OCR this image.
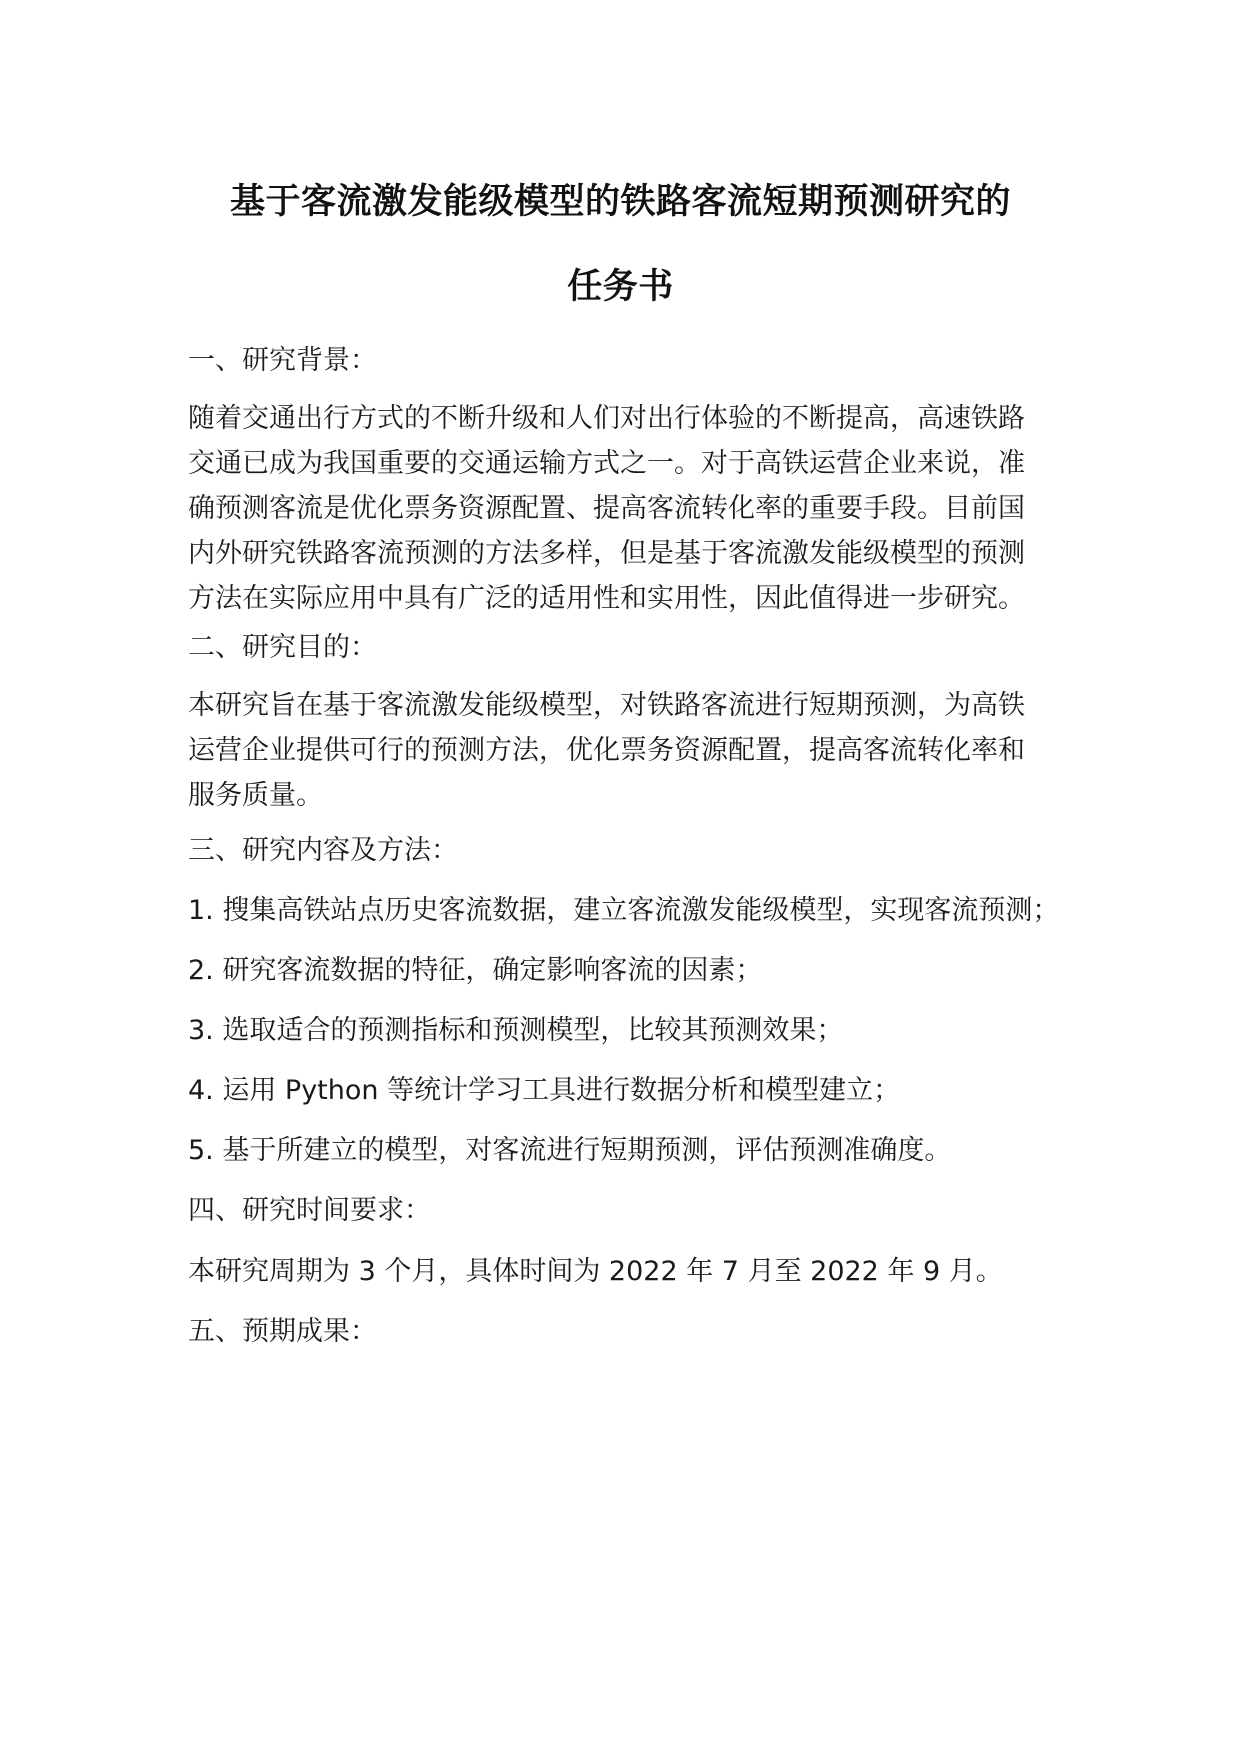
基于客流激发能级模型的铁路客流短期预测研究的
任务书
一、研究背景：
随着交通出行方式的不断升级和人们对出行体验的不断提高，高速铁路
交通已成为我国重要的交通运输方式之一。对于高铁运营企业来说，准
确预测客流是优化票务资源配置、提高客流转化率的重要手段。目前国
内外研究铁路客流预测的方法多样，但是基于客流激发能级模型的预测
方法在实际应用中具有广泛的适用性和实用性，因此值得进一步研究。
二、研究目的：
本研究旨在基于客流激发能级模型，对铁路客流进行短期预测，为高铁
运营企业提供可行的预测方法，优化票务资源配置，提高客流转化率和
服务质量。
三、研究内容及方法：
1. 搜集高铁站点历史客流数据，建立客流激发能级模型，实现客流预测；
2. 研究客流数据的特征，确定影响客流的因素；
3. 选取适合的预测指标和预测模型，比较其预测效果；
4. 运用 Python 等统计学习工具进行数据分析和模型建立；
5. 基于所建立的模型，对客流进行短期预测，评估预测准确度。
四、研究时间要求：
本研究周期为 3 个月，具体时间为 2022 年 7 月至 2022 年 9 月。
五、预期成果：
